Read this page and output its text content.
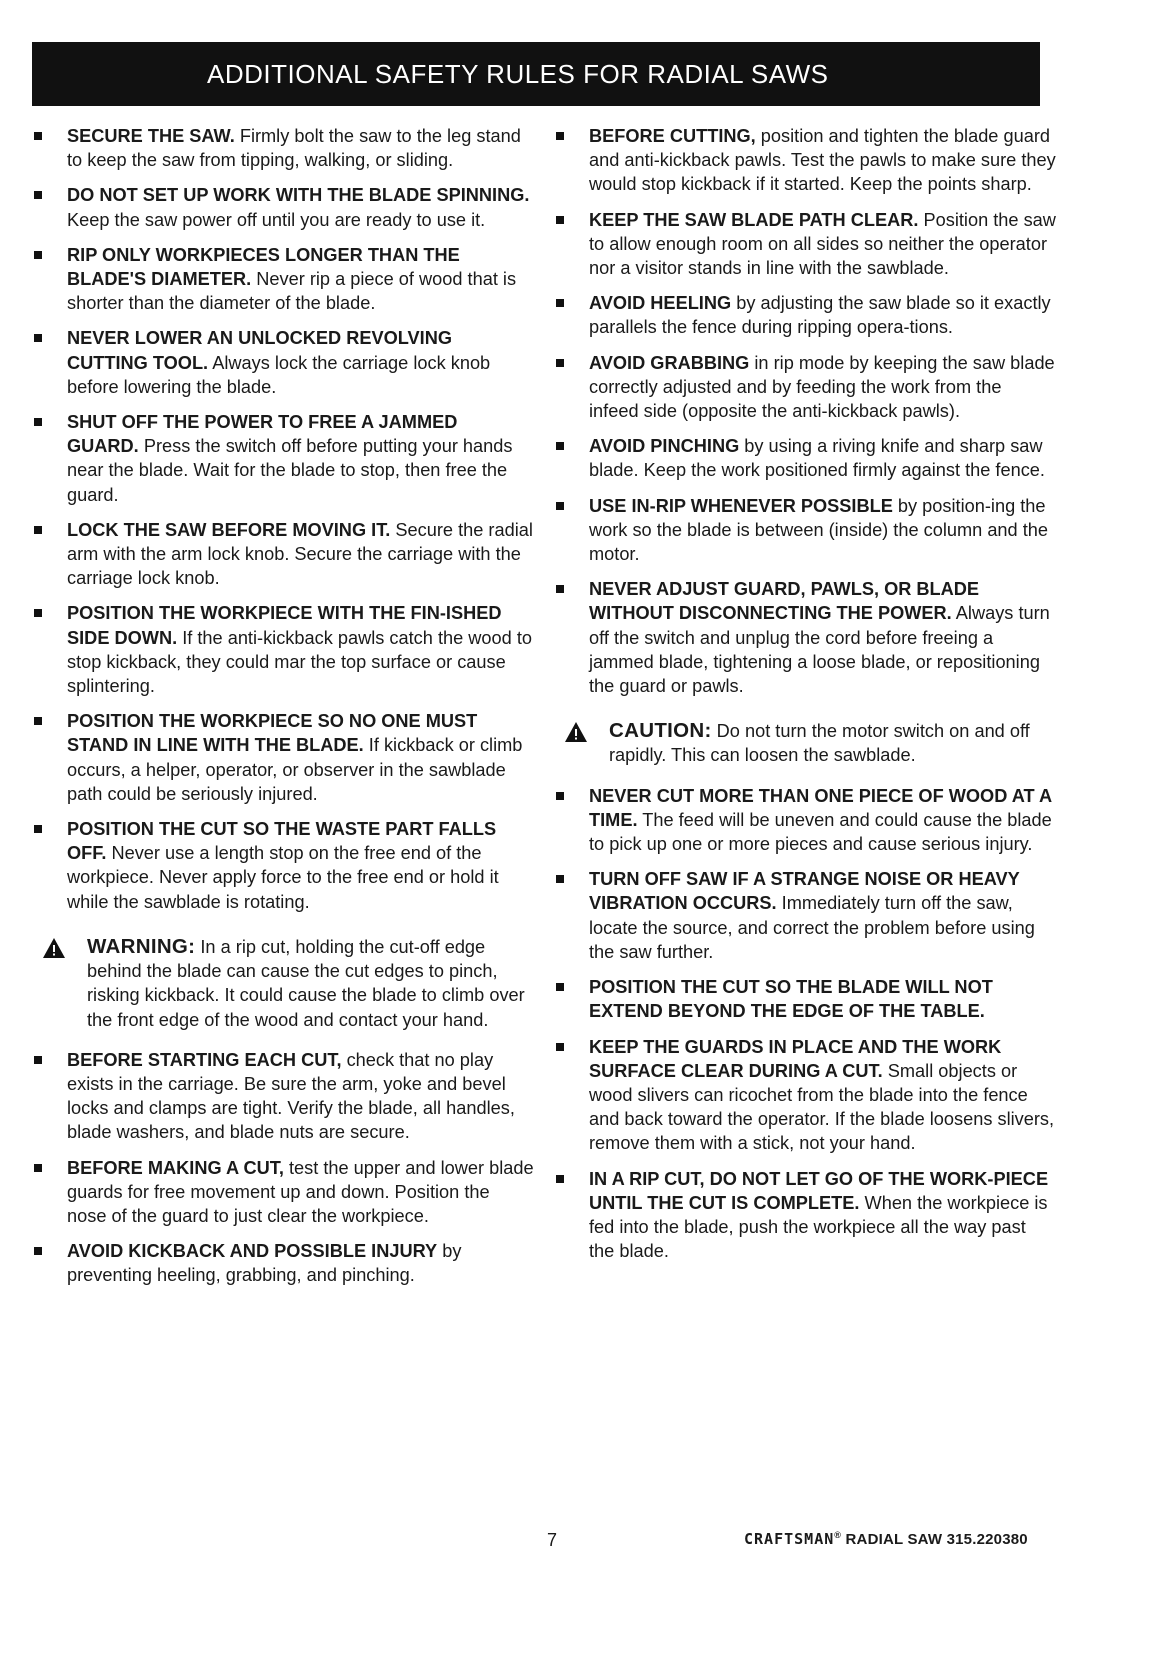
ADDITIONAL SAFETY RULES FOR RADIAL SAWS
SECURE THE SAW. Firmly bolt the saw to the leg stand to keep the saw from tipping, walking, or sliding.
DO NOT SET UP WORK WITH THE BLADE SPINNING. Keep the saw power off until you are ready to use it.
RIP ONLY WORKPIECES LONGER THAN THE BLADE'S DIAMETER. Never rip a piece of wood that is shorter than the diameter of the blade.
NEVER LOWER AN UNLOCKED REVOLVING CUTTING TOOL. Always lock the carriage lock knob before lowering the blade.
SHUT OFF THE POWER TO FREE A JAMMED GUARD. Press the switch off before putting your hands near the blade. Wait for the blade to stop, then free the guard.
LOCK THE SAW BEFORE MOVING IT. Secure the radial arm with the arm lock knob. Secure the carriage with the carriage lock knob.
POSITION THE WORKPIECE WITH THE FIN-ISHED SIDE DOWN. If the anti-kickback pawls catch the wood to stop kickback, they could mar the top surface or cause splintering.
POSITION THE WORKPIECE SO NO ONE MUST STAND IN LINE WITH THE BLADE. If kickback or climb occurs, a helper, operator, or observer in the sawblade path could be seriously injured.
POSITION THE CUT SO THE WASTE PART FALLS OFF. Never use a length stop on the free end of the workpiece. Never apply force to the free end or hold it while the sawblade is rotating.
WARNING: In a rip cut, holding the cut-off edge behind the blade can cause the cut edges to pinch, risking kickback. It could cause the blade to climb over the front edge of the wood and contact your hand.
BEFORE STARTING EACH CUT, check that no play exists in the carriage. Be sure the arm, yoke and bevel locks and clamps are tight. Verify the blade, all handles, blade washers, and blade nuts are secure.
BEFORE MAKING A CUT, test the upper and lower blade guards for free movement up and down. Position the nose of the guard to just clear the workpiece.
AVOID KICKBACK AND POSSIBLE INJURY by preventing heeling, grabbing, and pinching.
BEFORE CUTTING, position and tighten the blade guard and anti-kickback pawls. Test the pawls to make sure they would stop kickback if it started. Keep the points sharp.
KEEP THE SAW BLADE PATH CLEAR. Position the saw to allow enough room on all sides so neither the operator nor a visitor stands in line with the sawblade.
AVOID HEELING by adjusting the saw blade so it exactly parallels the fence during ripping opera-tions.
AVOID GRABBING in rip mode by keeping the saw blade correctly adjusted and by feeding the work from the infeed side (opposite the anti-kickback pawls).
AVOID PINCHING by using a riving knife and sharp saw blade. Keep the work positioned firmly against the fence.
USE IN-RIP WHENEVER POSSIBLE by position-ing the work so the blade is between (inside) the column and the motor.
NEVER ADJUST GUARD, PAWLS, OR BLADE WITHOUT DISCONNECTING THE POWER. Always turn off the switch and unplug the cord before freeing a jammed blade, tightening a loose blade, or repositioning the guard or pawls.
CAUTION: Do not turn the motor switch on and off rapidly. This can loosen the sawblade.
NEVER CUT MORE THAN ONE PIECE OF WOOD AT A TIME. The feed will be uneven and could cause the blade to pick up one or more pieces and cause serious injury.
TURN OFF SAW IF A STRANGE NOISE OR HEAVY VIBRATION OCCURS. Immediately turn off the saw, locate the source, and correct the problem before using the saw further.
POSITION THE CUT SO THE BLADE WILL NOT EXTEND BEYOND THE EDGE OF THE TABLE.
KEEP THE GUARDS IN PLACE AND THE WORK SURFACE CLEAR DURING A CUT. Small objects or wood slivers can ricochet from the blade into the fence and back toward the operator. If the blade loosens slivers, remove them with a stick, not your hand.
IN A RIP CUT, DO NOT LET GO OF THE WORK-PIECE UNTIL THE CUT IS COMPLETE. When the workpiece is fed into the blade, push the workpiece all the way past the blade.
7	CRAFTSMAN® RADIAL SAW 315.220380
